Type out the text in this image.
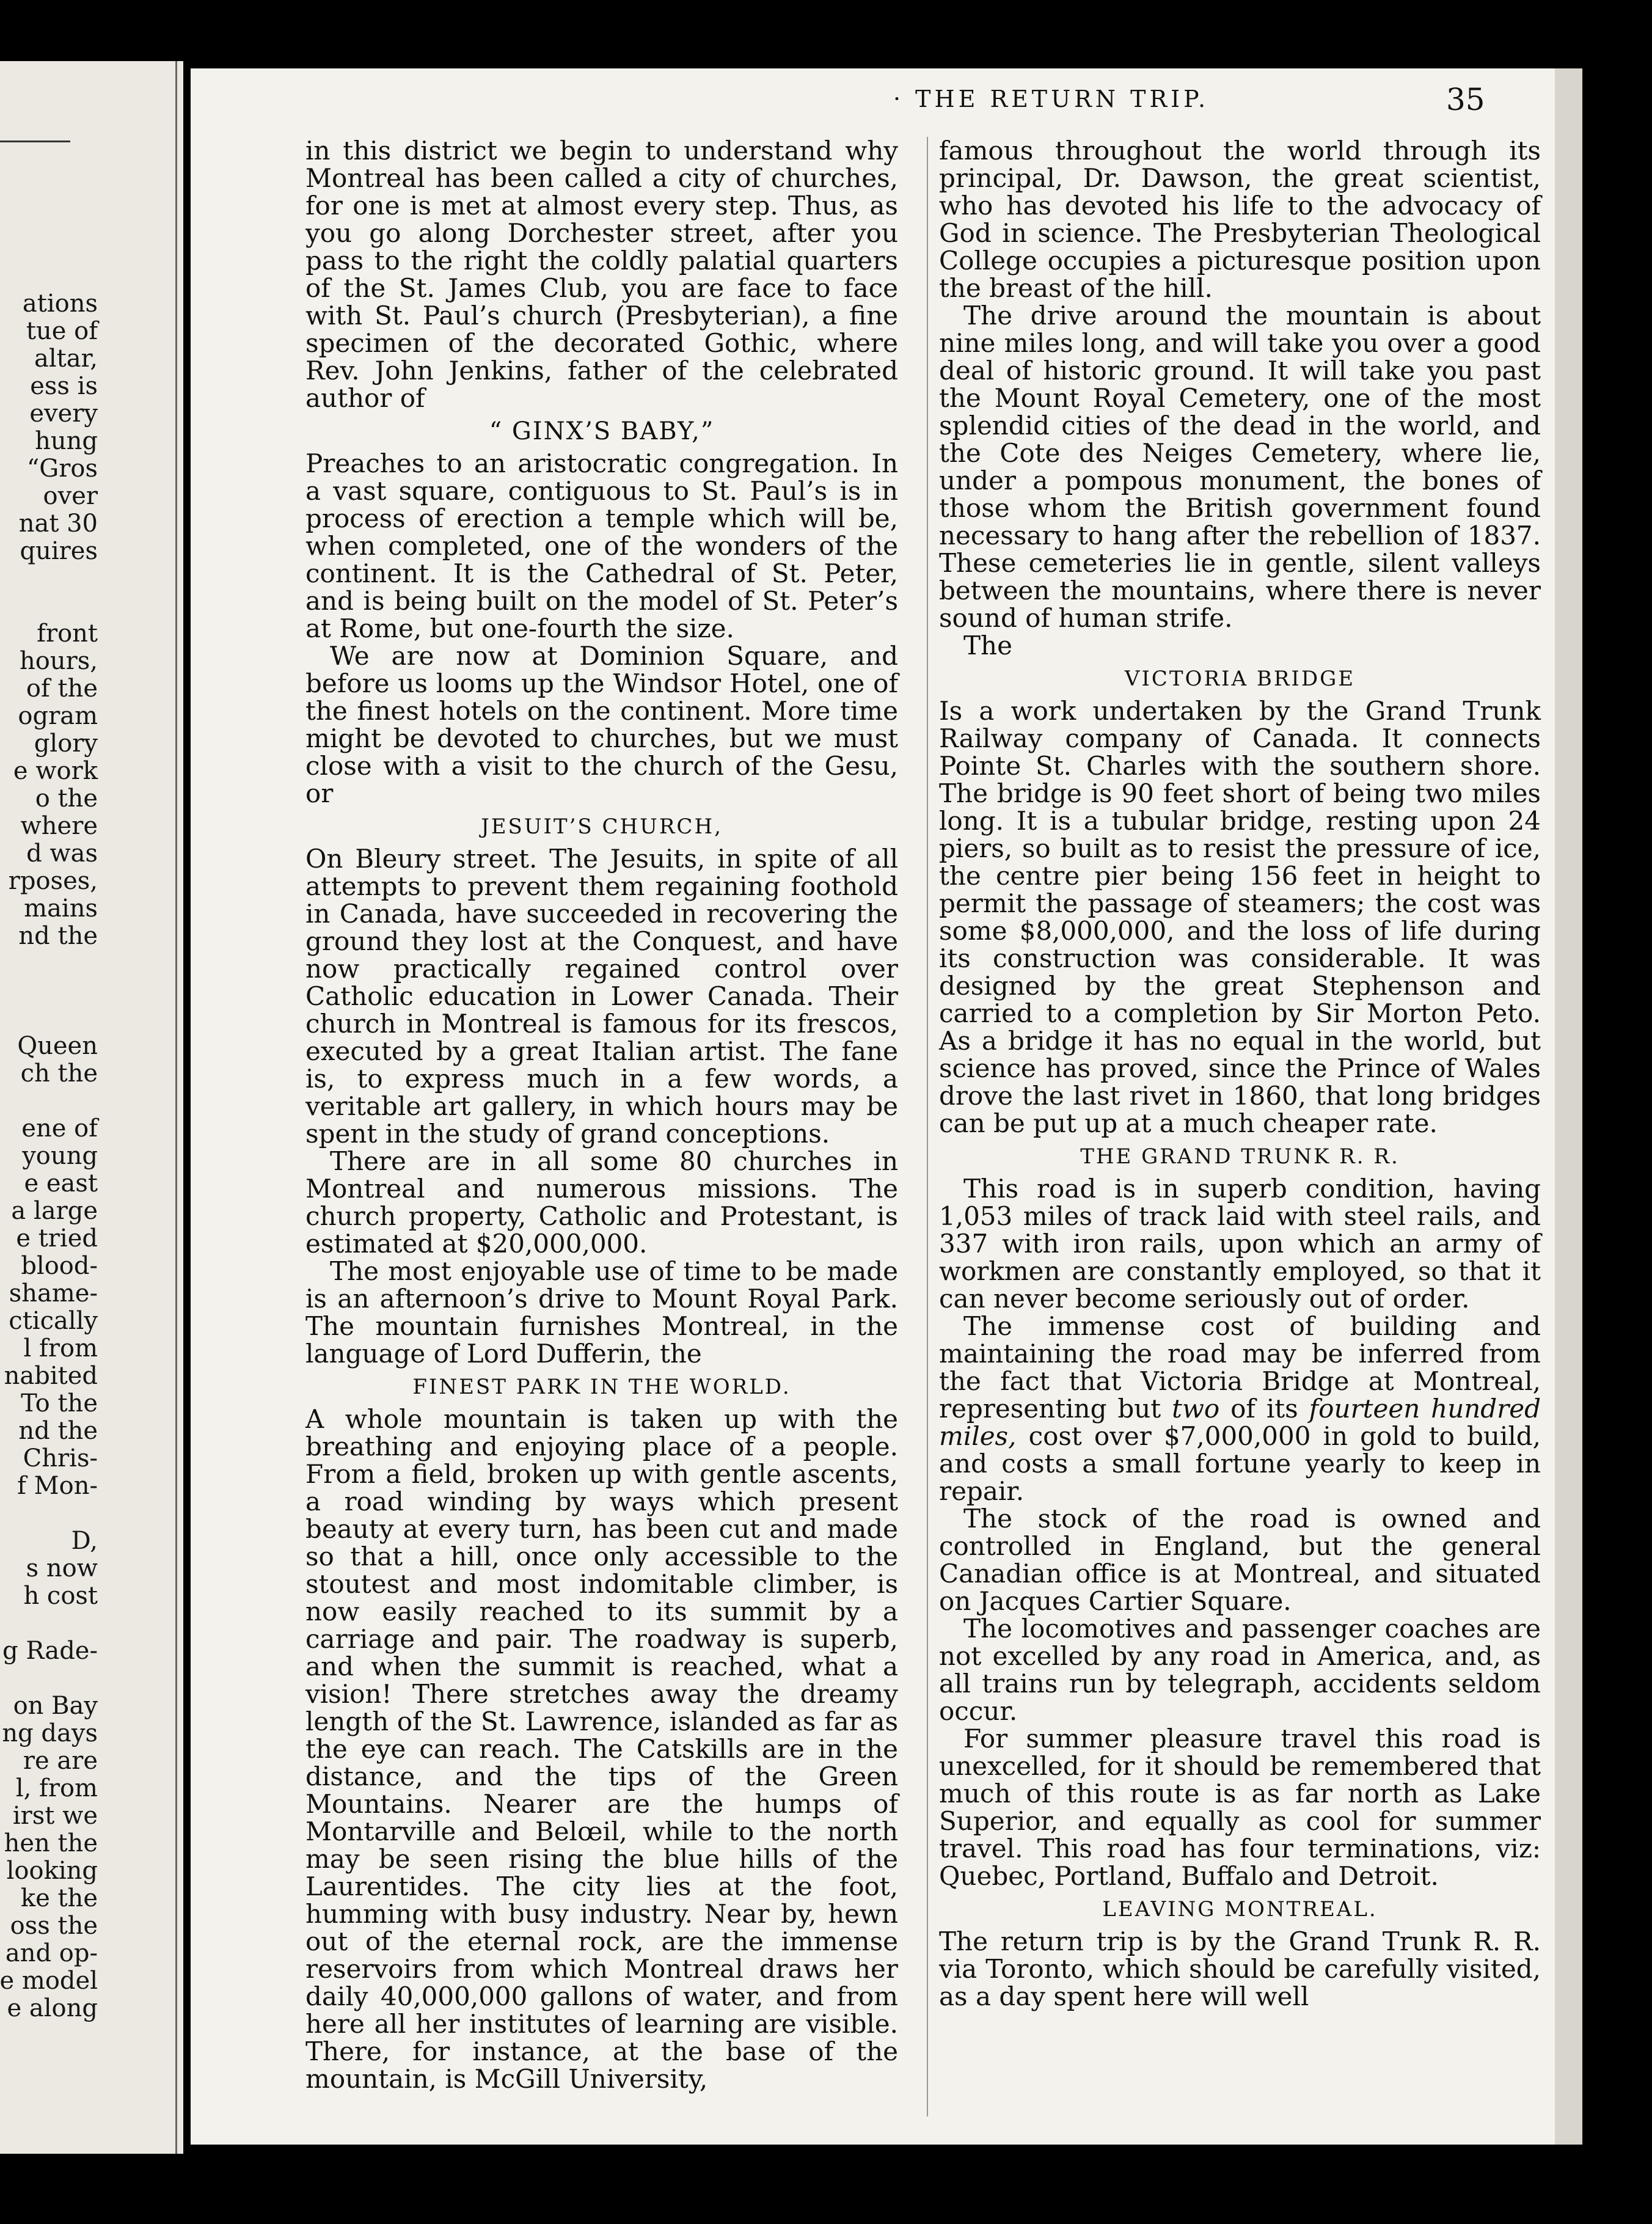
ations
tue of
altar,
ess is
every
hung
“Gros
over
nat 30
quires
front
hours,
of the
ogram
glory
e work
o the
where
d was
rposes,
mains
nd the
Queen
ch the
ene of
young
e east
a large
e tried
blood-
shame-
ctically
l from
nabited
To the
nd the
Chris-
f Mon-
D,
s now
h cost
g Rade-
on Bay
ng days
re are
l, from
irst we
hen the
looking
ke the
oss the
and op-
e model
e along
· THE RETURN TRIP.	35

in this district we begin to understand why Montreal has been called a city of churches, for one is met at almost every step. Thus, as you go along Dorchester street, after you pass to the right the coldly palatial quarters of the St. James Club, you are face to face with St. Paul’s church (Presbyterian), a fine specimen of the decorated Gothic, where Rev. John Jenkins, father of the celebrated author of

“ GINX’S BABY,”

Preaches to an aristocratic congregation. In a vast square, contiguous to St. Paul’s is in process of erection a temple which will be, when completed, one of the wonders of the continent. It is the Cathedral of St. Peter, and is being built on the model of St. Peter’s at Rome, but one-fourth the size.

We are now at Dominion Square, and before us looms up the Windsor Hotel, one of the finest hotels on the continent. More time might be devoted to churches, but we must close with a visit to the church of the Gesu, or

JESUIT’S CHURCH,

On Bleury street. The Jesuits, in spite of all attempts to prevent them regaining foothold in Canada, have succeeded in recovering the ground they lost at the Conquest, and have now practically regained control over Catholic education in Lower Canada. Their church in Montreal is famous for its frescos, executed by a great Italian artist. The fane is, to express much in a few words, a veritable art gallery, in which hours may be spent in the study of grand conceptions.

There are in all some 80 churches in Montreal and numerous missions. The church property, Catholic and Protestant, is estimated at $20,000,000.

The most enjoyable use of time to be made is an afternoon’s drive to Mount Royal Park. The mountain furnishes Montreal, in the language of Lord Dufferin, the

FINEST PARK IN THE WORLD.

A whole mountain is taken up with the breathing and enjoying place of a people. From a field, broken up with gentle ascents, a road winding by ways which present beauty at every turn, has been cut and made so that a hill, once only accessible to the stoutest and most indomitable climber, is now easily reached to its summit by a carriage and pair. The roadway is superb, and when the summit is reached, what a vision! There stretches away the dreamy length of the St. Lawrence, islanded as far as the eye can reach. The Catskills are in the distance, and the tips of the Green Mountains. Nearer are the humps of Montarville and Belœil, while to the north may be seen rising the blue hills of the Laurentides. The city lies at the foot, humming with busy industry. Near by, hewn out of the eternal rock, are the immense reservoirs from which Montreal draws her daily 40,000,000 gallons of water, and from here all her institutes of learning are visible. There, for instance, at the base of the mountain, is McGill University,

famous throughout the world through its principal, Dr. Dawson, the great scientist, who has devoted his life to the advocacy of God in science. The Presbyterian Theological College occupies a picturesque position upon the breast of the hill.

The drive around the mountain is about nine miles long, and will take you over a good deal of historic ground. It will take you past the Mount Royal Cemetery, one of the most splendid cities of the dead in the world, and the Cote des Neiges Cemetery, where lie, under a pompous monument, the bones of those whom the British government found necessary to hang after the rebellion of 1837. These cemeteries lie in gentle, silent valleys between the mountains, where there is never sound of human strife.

The
VICTORIA BRIDGE

Is a work undertaken by the Grand Trunk Railway company of Canada. It connects Pointe St. Charles with the southern shore. The bridge is 90 feet short of being two miles long. It is a tubular bridge, resting upon 24 piers, so built as to resist the pressure of ice, the centre pier being 156 feet in height to permit the passage of steamers; the cost was some $8,000,000, and the loss of life during its construction was considerable. It was designed by the great Stephenson and carried to a completion by Sir Morton Peto. As a bridge it has no equal in the world, but science has proved, since the Prince of Wales drove the last rivet in 1860, that long bridges can be put up at a much cheaper rate.

THE GRAND TRUNK R. R.

This road is in superb condition, having 1,053 miles of track laid with steel rails, and 337 with iron rails, upon which an army of workmen are constantly employed, so that it can never become seriously out of order.

The immense cost of building and maintaining the road may be inferred from the fact that Victoria Bridge at Montreal, representing but two of its fourteen hundred miles, cost over $7,000,000 in gold to build, and costs a small fortune yearly to keep in repair.

The stock of the road is owned and controlled in England, but the general Canadian office is at Montreal, and situated on Jacques Cartier Square.

The locomotives and passenger coaches are not excelled by any road in America, and, as all trains run by telegraph, accidents seldom occur.

For summer pleasure travel this road is unexcelled, for it should be remembered that much of this route is as far north as Lake Superior, and equally as cool for summer travel. This road has four terminations, viz: Quebec, Portland, Buffalo and Detroit.

LEAVING MONTREAL.

The return trip is by the Grand Trunk R. R. via Toronto, which should be carefully visited, as a day spent here will well
